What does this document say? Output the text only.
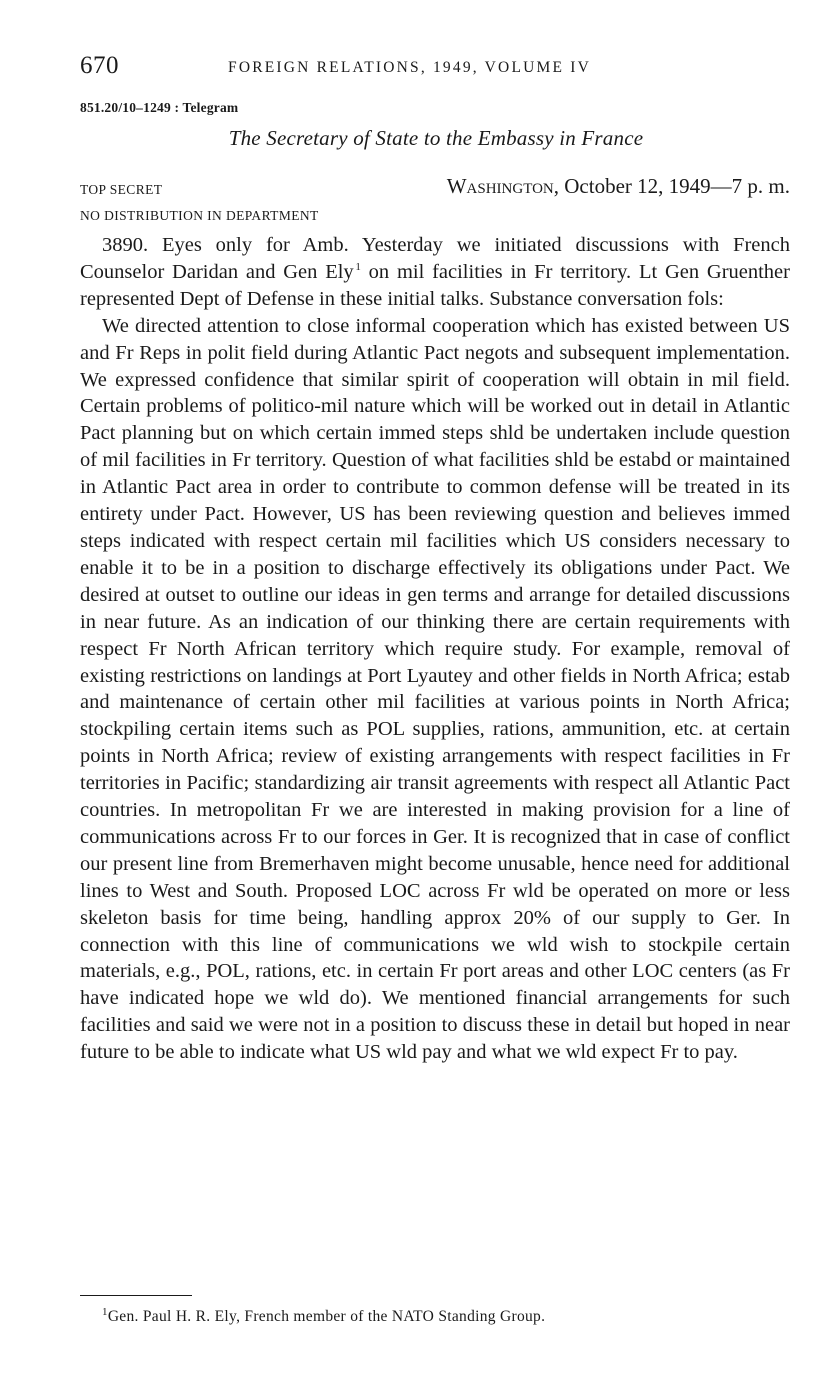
670	FOREIGN RELATIONS, 1949, VOLUME IV
851.20/10–1249 : Telegram
The Secretary of State to the Embassy in France
TOP SECRET	Washington, October 12, 1949—7 p. m.
NO DISTRIBUTION IN DEPARTMENT

3890. Eyes only for Amb. Yesterday we initiated discussions with French Counselor Daridan and Gen Ely  $^1$ on mil facilities in Fr territory. Lt Gen Gruenther represented Dept of Defense in these initial talks. Substance conversation fols:

We directed attention to close informal cooperation which has existed between US and Fr Reps in polit field during Atlantic Pact negots and subsequent implementation. We expressed confidence that similar spirit of cooperation will obtain in mil field. Certain problems of politico-mil nature which will be worked out in detail in Atlantic Pact planning but on which certain immed steps shld be undertaken include question of mil facilities in Fr territory. Question of what facilities shld be estabd or maintained in Atlantic Pact area in order to contribute to common defense will be treated in its entirety under Pact. However, US has been reviewing question and believes immed steps indicated with respect certain mil facilities which US considers necessary to enable it to be in a position to discharge effectively its obligations under Pact. We desired at outset to outline our ideas in gen terms and arrange for detailed discussions in near future. As an indication of our thinking there are certain requirements with respect Fr North African territory which require study. For example, removal of existing restrictions on landings at Port Lyautey and other fields in North Africa; estab and maintenance of certain other mil facilities at various points in North Africa; stockpiling certain items such as POL supplies, rations, ammunition, etc. at certain points in North Africa; review of existing arrangements with respect facilities in Fr territories in Pacific; standardizing air transit agreements with respect all Atlantic Pact countries. In metropolitan Fr we are interested in making provision for a line of communications across Fr to our forces in Ger. It is recognized that in case of conflict our present line from Bremerhaven might become unusable, hence need for additional lines to West and South. Proposed LOC across Fr wld be operated on more or less skeleton basis for time being, handling approx 20% of our supply to Ger. In connection with this line of communications we wld wish to stockpile certain materials, e.g., POL, rations, etc. in certain Fr port areas and other LOC centers (as Fr have indicated hope we wld do). We mentioned financial arrangements for such facilities and said we were not in a position to discuss these in detail but hoped in near future to be able to indicate what US wld pay and what we wld expect Fr to pay.

$^1$Gen. Paul H. R. Ely, French member of the NATO Standing Group.
